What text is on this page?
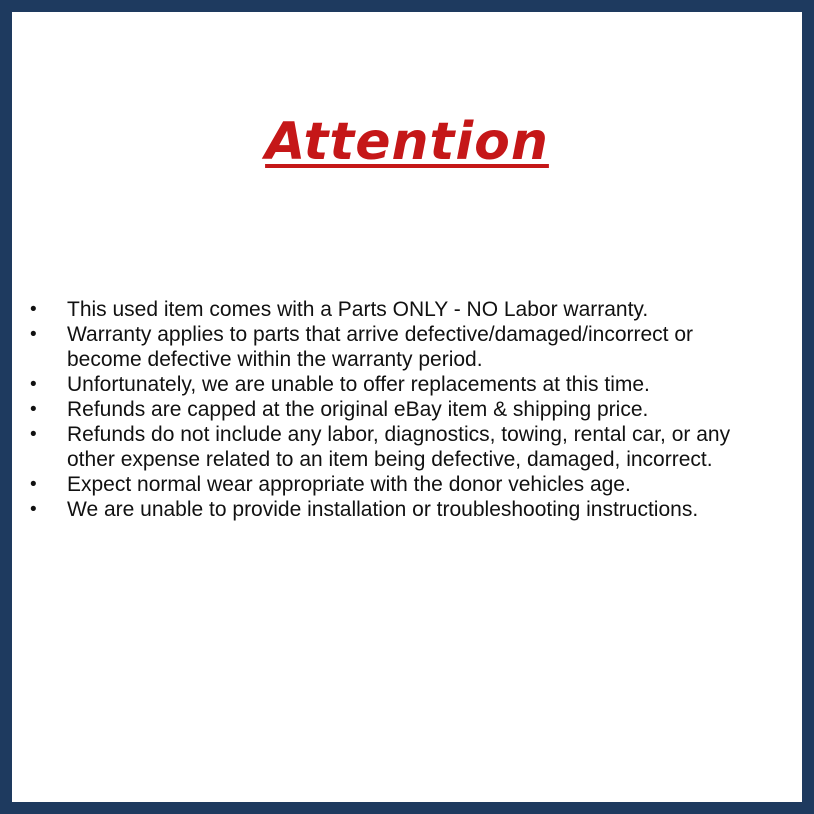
Attention
•	This used item comes with a Parts ONLY - NO Labor warranty.
•	Warranty applies to parts that arrive defective/damaged/incorrect or become defective within the warranty period.
•	Unfortunately, we are unable to offer replacements at this time.
•	Refunds are capped at the original eBay item & shipping price.
•	Refunds do not include any labor, diagnostics, towing, rental car, or any other expense related to an item being defective, damaged, incorrect.
•	Expect normal wear appropriate with the donor vehicles age.
•	We are unable to provide installation or troubleshooting instructions.
